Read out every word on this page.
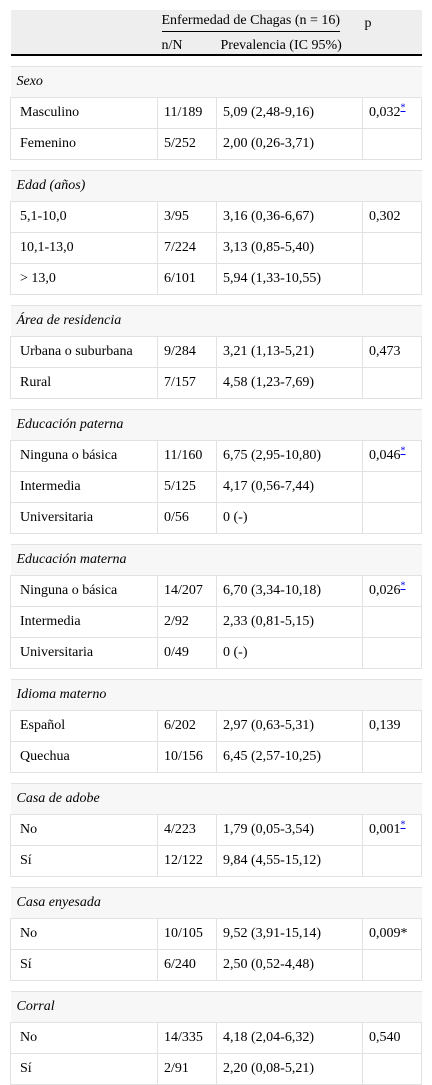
	Enfermedad de Chagas (n = 16)		p
	n/N	Prevalencia (IC 95%)	

Sexo			
Masculino	11/189	5,09 (2,48-9,16)	0,032*
Femenino	5/252	2,00 (0,26-3,71)	

Edad (años)			
5,1-10,0	3/95	3,16 (0,36-6,67)	0,302
10,1-13,0	7/224	3,13 (0,85-5,40)	
> 13,0	6/101	5,94 (1,33-10,55)	

Área de residencia			
Urbana o suburbana	9/284	3,21 (1,13-5,21)	0,473
Rural	7/157	4,58 (1,23-7,69)	

Educación paterna			
Ninguna o básica	11/160	6,75 (2,95-10,80)	0,046*
Intermedia	5/125	4,17 (0,56-7,44)	
Universitaria	0/56	0 (-)	

Educación materna			
Ninguna o básica	14/207	6,70 (3,34-10,18)	0,026*
Intermedia	2/92	2,33 (0,81-5,15)	
Universitaria	0/49	0 (-)	

Idioma materno			
Español	6/202	2,97 (0,63-5,31)	0,139
Quechua	10/156	6,45 (2,57-10,25)	

Casa de adobe			
No	4/223	1,79 (0,05-3,54)	0,001*
Sí	12/122	9,84 (4,55-15,12)	

Casa enyesada			
No	10/105	9,52 (3,91-15,14)	0,009*
Sí	6/240	2,50 (0,52-4,48)	

Corral			
No	14/335	4,18 (2,04-6,32)	0,540
Sí	2/91	2,20 (0,08-5,21)	
